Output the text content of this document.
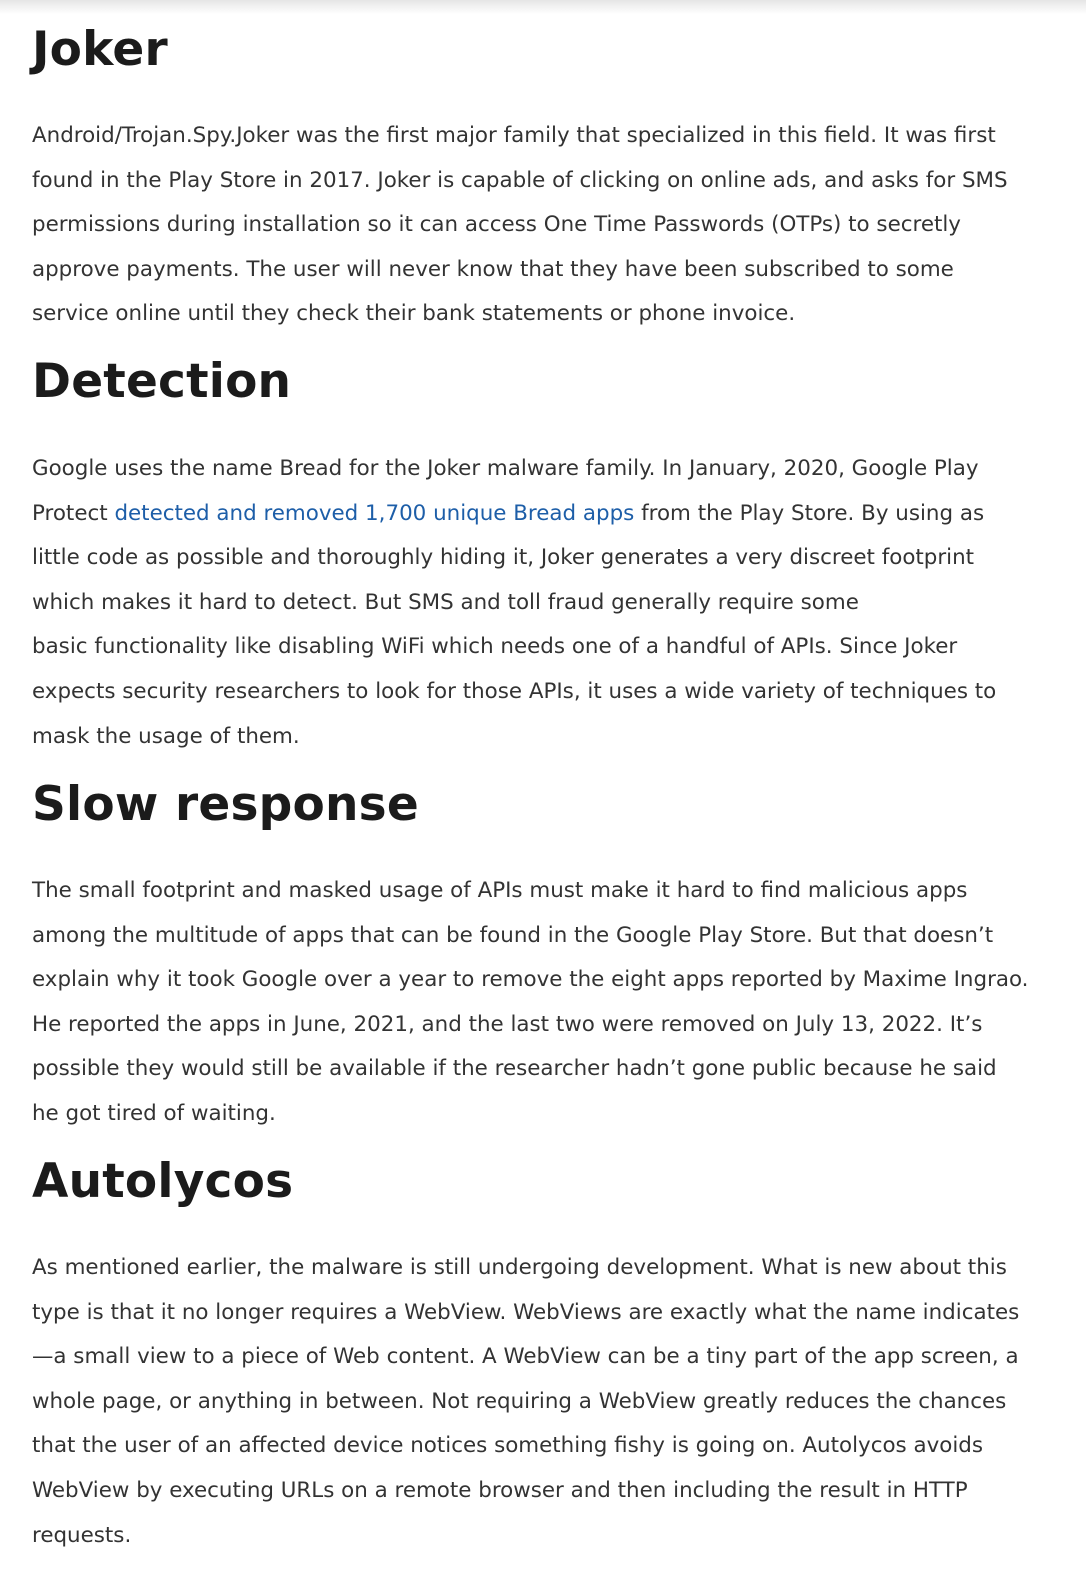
Joker

Android/Trojan.Spy.Joker was the first major family that specialized in this field. It was first
found in the Play Store in 2017. Joker is capable of clicking on online ads, and asks for SMS
permissions during installation so it can access One Time Passwords (OTPs) to secretly
approve payments. The user will never know that they have been subscribed to some
service online until they check their bank statements or phone invoice.

Detection

Google uses the name Bread for the Joker malware family. In January, 2020, Google Play
Protect detected and removed 1,700 unique Bread apps from the Play Store. By using as
little code as possible and thoroughly hiding it, Joker generates a very discreet footprint
which makes it hard to detect. But SMS and toll fraud generally require some
basic functionality like disabling WiFi which needs one of a handful of APIs. Since Joker
expects security researchers to look for those APIs, it uses a wide variety of techniques to
mask the usage of them.

Slow response

The small footprint and masked usage of APIs must make it hard to find malicious apps
among the multitude of apps that can be found in the Google Play Store. But that doesn’t
explain why it took Google over a year to remove the eight apps reported by Maxime Ingrao.
He reported the apps in June, 2021, and the last two were removed on July 13, 2022. It’s
possible they would still be available if the researcher hadn’t gone public because he said
he got tired of waiting.

Autolycos

As mentioned earlier, the malware is still undergoing development. What is new about this
type is that it no longer requires a WebView. WebViews are exactly what the name indicates
—a small view to a piece of Web content. A WebView can be a tiny part of the app screen, a
whole page, or anything in between. Not requiring a WebView greatly reduces the chances
that the user of an affected device notices something fishy is going on. Autolycos avoids
WebView by executing URLs on a remote browser and then including the result in HTTP
requests.
